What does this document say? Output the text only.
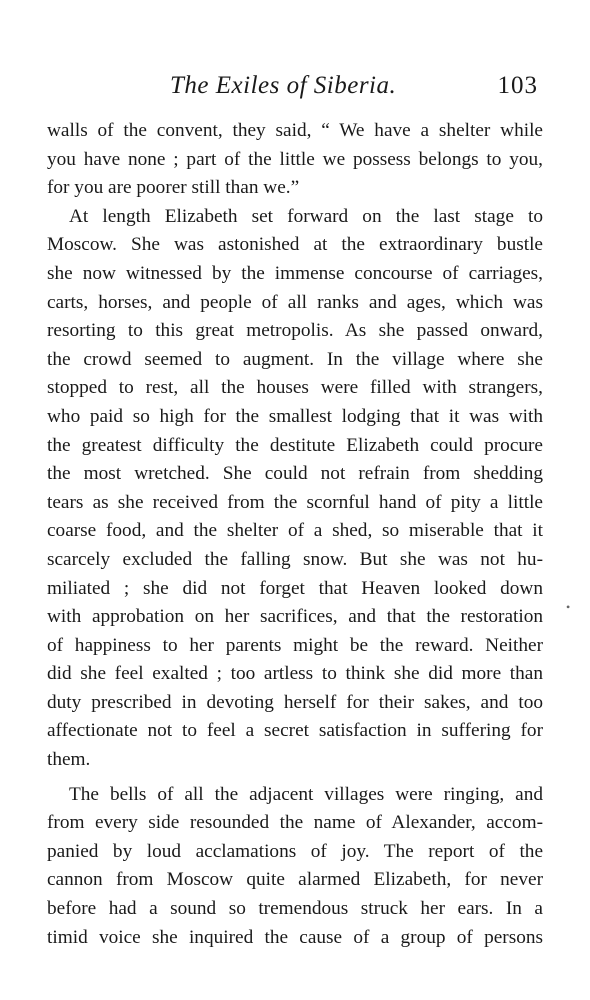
The Exiles of Siberia.	103
walls of the convent, they said, “ We have a shelter while
you have none ; part of the little we possess belongs to you,
for you are poorer still than we.”
At length Elizabeth set forward on the last stage to
Moscow. She was astonished at the extraordinary bustle
she now witnessed by the immense concourse of carriages,
carts, horses, and people of all ranks and ages, which was
resorting to this great metropolis. As she passed onward,
the crowd seemed to augment. In the village where she
stopped to rest, all the houses were filled with strangers,
who paid so high for the smallest lodging that it was with
the greatest difficulty the destitute Elizabeth could procure
the most wretched. She could not refrain from shedding
tears as she received from the scornful hand of pity a little
coarse food, and the shelter of a shed, so miserable that it
scarcely excluded the falling snow. But she was not hu-
miliated ; she did not forget that Heaven looked down
with approbation on her sacrifices, and that the restoration
of happiness to her parents might be the reward. Neither
did she feel exalted ; too artless to think she did more than
duty prescribed in devoting herself for their sakes, and too
affectionate not to feel a secret satisfaction in suffering for
them.
The bells of all the adjacent villages were ringing, and
from every side resounded the name of Alexander, accom-
panied by loud acclamations of joy. The report of the
cannon from Moscow quite alarmed Elizabeth, for never
before had a sound so tremendous struck her ears. In a
timid voice she inquired the cause of a group of persons
•
